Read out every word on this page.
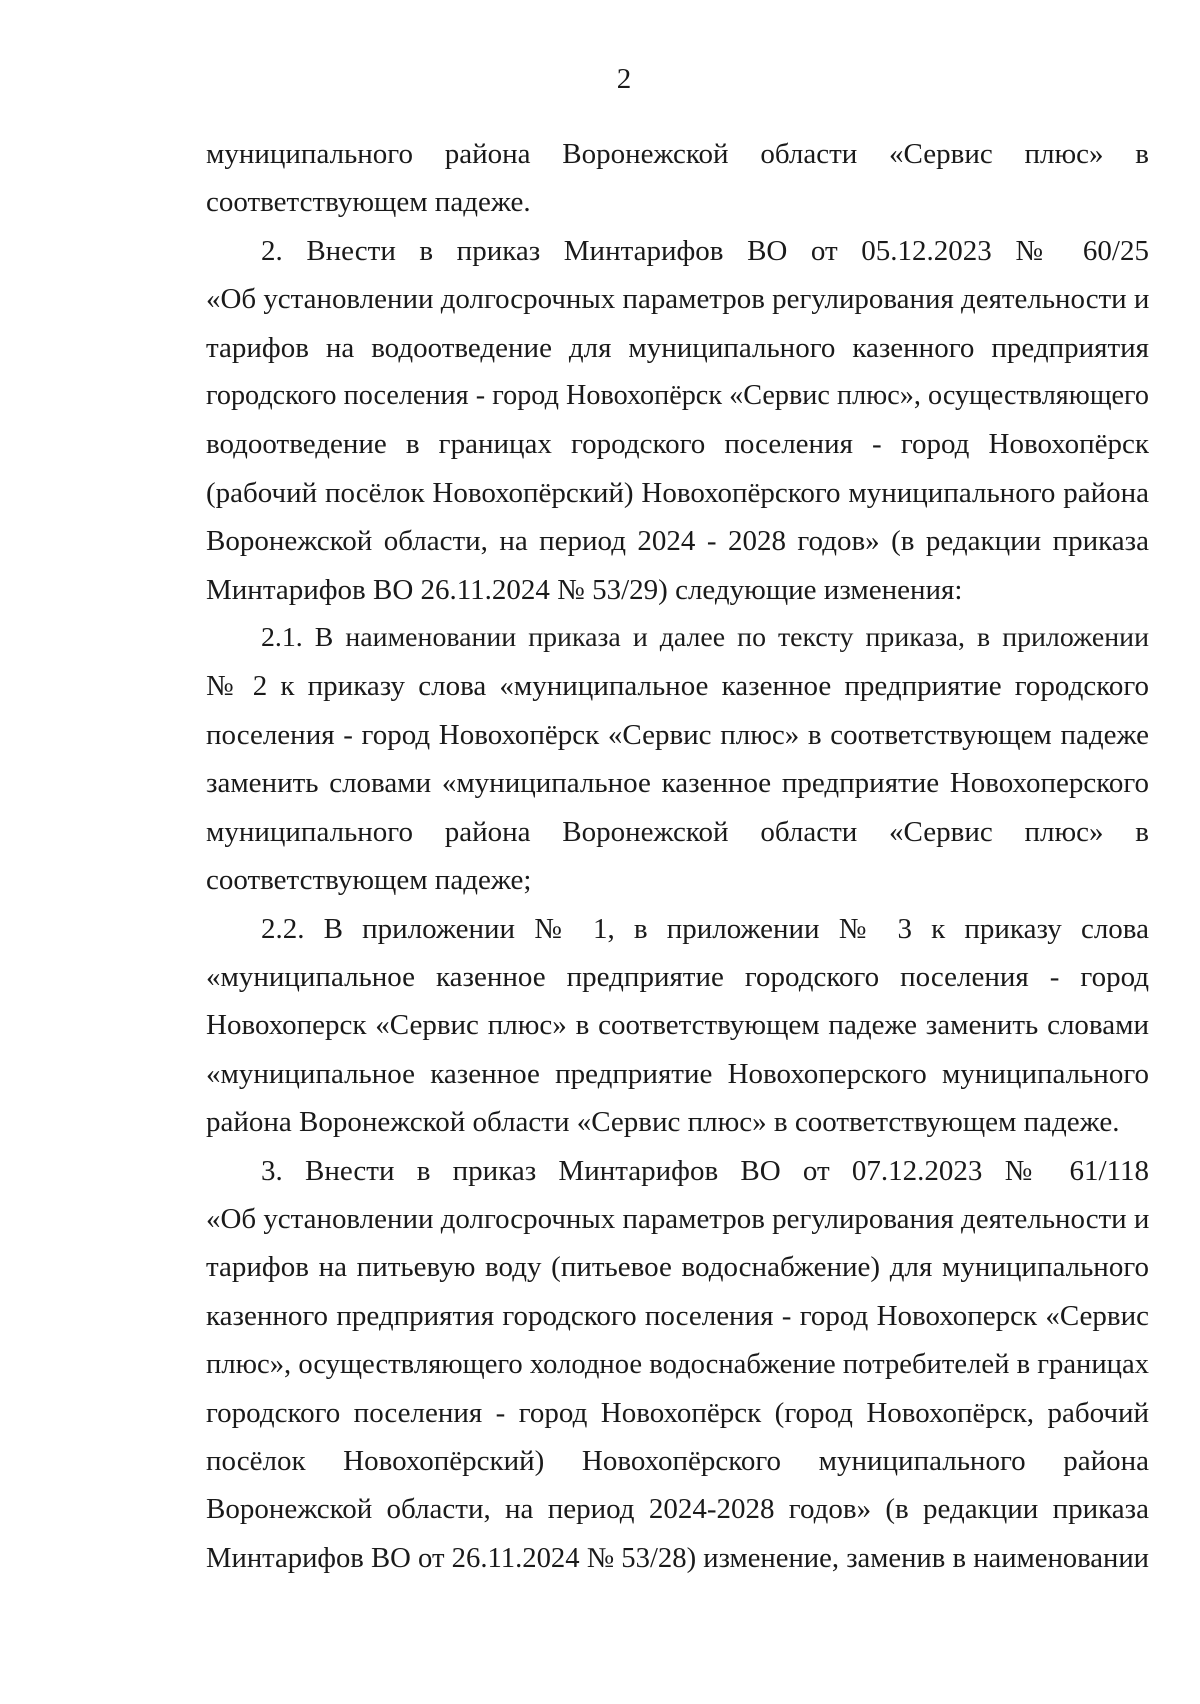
2

муниципального района Воронежской области «Сервис плюс» в
соответствующем падеже.

2. Внести в приказ Минтарифов ВО от 05.12.2023 № 60/25
«Об установлении долгосрочных параметров регулирования деятельности и
тарифов на водоотведение для муниципального казенного предприятия
городского поселения - город Новохопёрск «Сервис плюс», осуществляющего
водоотведение в границах городского поселения - город Новохопёрск
(рабочий посёлок Новохопёрский) Новохопёрского муниципального района
Воронежской области, на период 2024 - 2028 годов» (в редакции приказа
Минтарифов ВО 26.11.2024 № 53/29) следующие изменения:

2.1. В наименовании приказа и далее по тексту приказа, в приложении
№ 2 к приказу слова «муниципальное казенное предприятие городского
поселения - город Новохопёрск «Сервис плюс» в соответствующем падеже
заменить словами «муниципальное казенное предприятие Новохоперского
муниципального района Воронежской области «Сервис плюс» в
соответствующем падеже;

2.2. В приложении № 1, в приложении № 3 к приказу слова
«муниципальное казенное предприятие городского поселения - город
Новохоперск «Сервис плюс» в соответствующем падеже заменить словами
«муниципальное казенное предприятие Новохоперского муниципального
района Воронежской области «Сервис плюс» в соответствующем падеже.

3. Внести в приказ Минтарифов ВО от 07.12.2023 № 61/118
«Об установлении долгосрочных параметров регулирования деятельности и
тарифов на питьевую воду (питьевое водоснабжение) для муниципального
казенного предприятия городского поселения - город Новохоперск «Сервис
плюс», осуществляющего холодное водоснабжение потребителей в границах
городского поселения - город Новохопёрск (город Новохопёрск, рабочий
посёлок Новохопёрский) Новохопёрского муниципального района
Воронежской области, на период 2024-2028 годов» (в редакции приказа
Минтарифов ВО от 26.11.2024 № 53/28) изменение, заменив в наименовании
